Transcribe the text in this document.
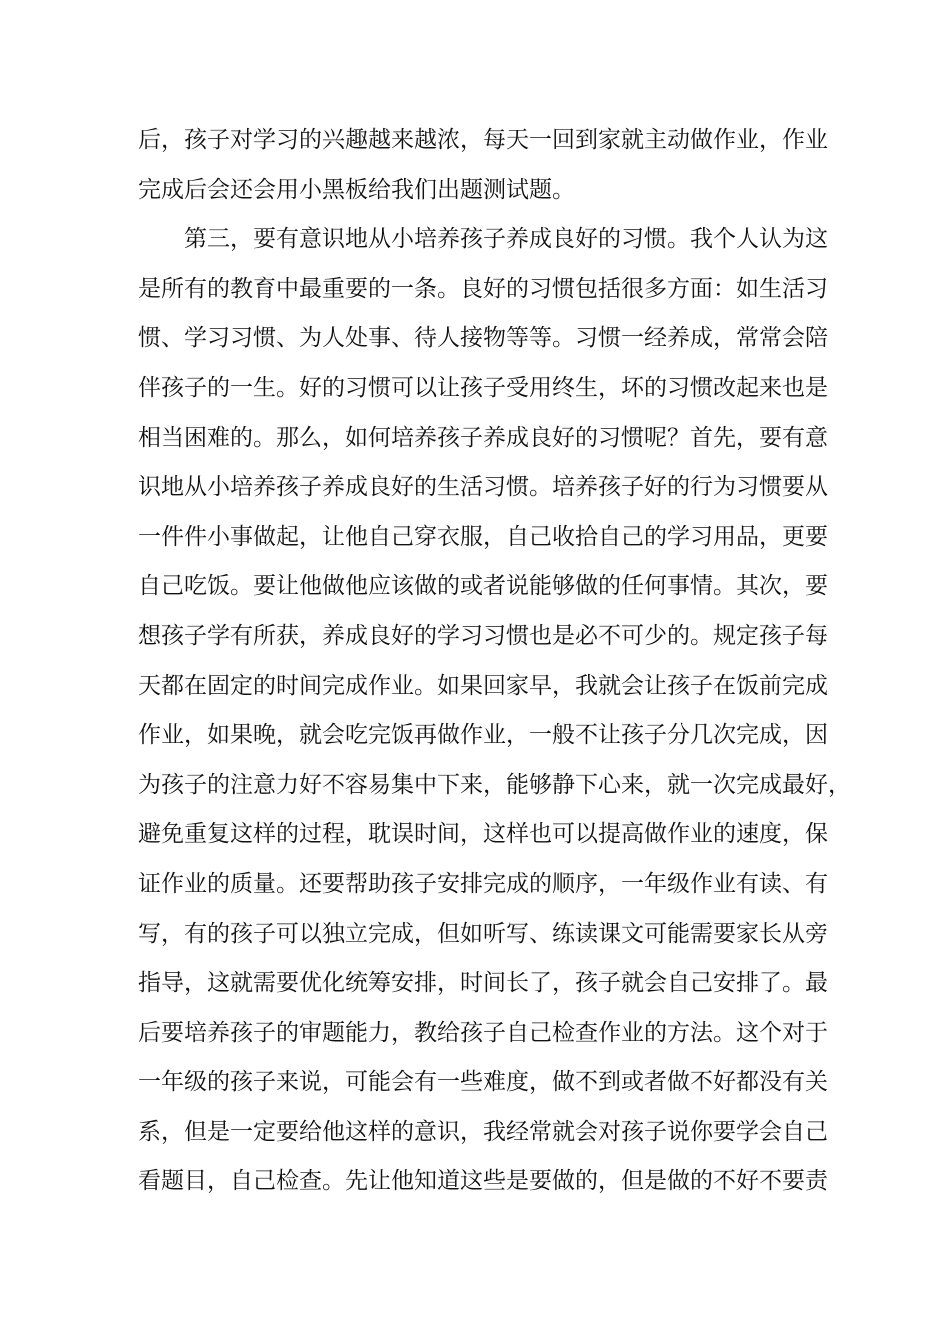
后，孩子对学习的兴趣越来越浓，每天一回到家就主动做作业，作业
完成后会还会用小黑板给我们出题测试题。
第三，要有意识地从小培养孩子养成良好的习惯。我个人认为这
是所有的教育中最重要的一条。良好的习惯包括很多方面：如生活习
惯、学习习惯、为人处事、待人接物等等。习惯一经养成，常常会陪
伴孩子的一生。好的习惯可以让孩子受用终生，坏的习惯改起来也是
相当困难的。那么，如何培养孩子养成良好的习惯呢？首先，要有意
识地从小培养孩子养成良好的生活习惯。培养孩子好的行为习惯要从
一件件小事做起，让他自己穿衣服，自己收拾自己的学习用品，更要
自己吃饭。要让他做他应该做的或者说能够做的任何事情。其次，要
想孩子学有所获，养成良好的学习习惯也是必不可少的。规定孩子每
天都在固定的时间完成作业。如果回家早，我就会让孩子在饭前完成
作业，如果晚，就会吃完饭再做作业，一般不让孩子分几次完成，因
为孩子的注意力好不容易集中下来，能够静下心来，就一次完成最好，
避免重复这样的过程，耽误时间，这样也可以提高做作业的速度，保
证作业的质量。还要帮助孩子安排完成的顺序，一年级作业有读、有
写，有的孩子可以独立完成，但如听写、练读课文可能需要家长从旁
指导，这就需要优化统筹安排，时间长了，孩子就会自己安排了。最
后要培养孩子的审题能力，教给孩子自己检查作业的方法。这个对于
一年级的孩子来说，可能会有一些难度，做不到或者做不好都没有关
系，但是一定要给他这样的意识，我经常就会对孩子说你要学会自己
看题目，自己检查。先让他知道这些是要做的，但是做的不好不要责
